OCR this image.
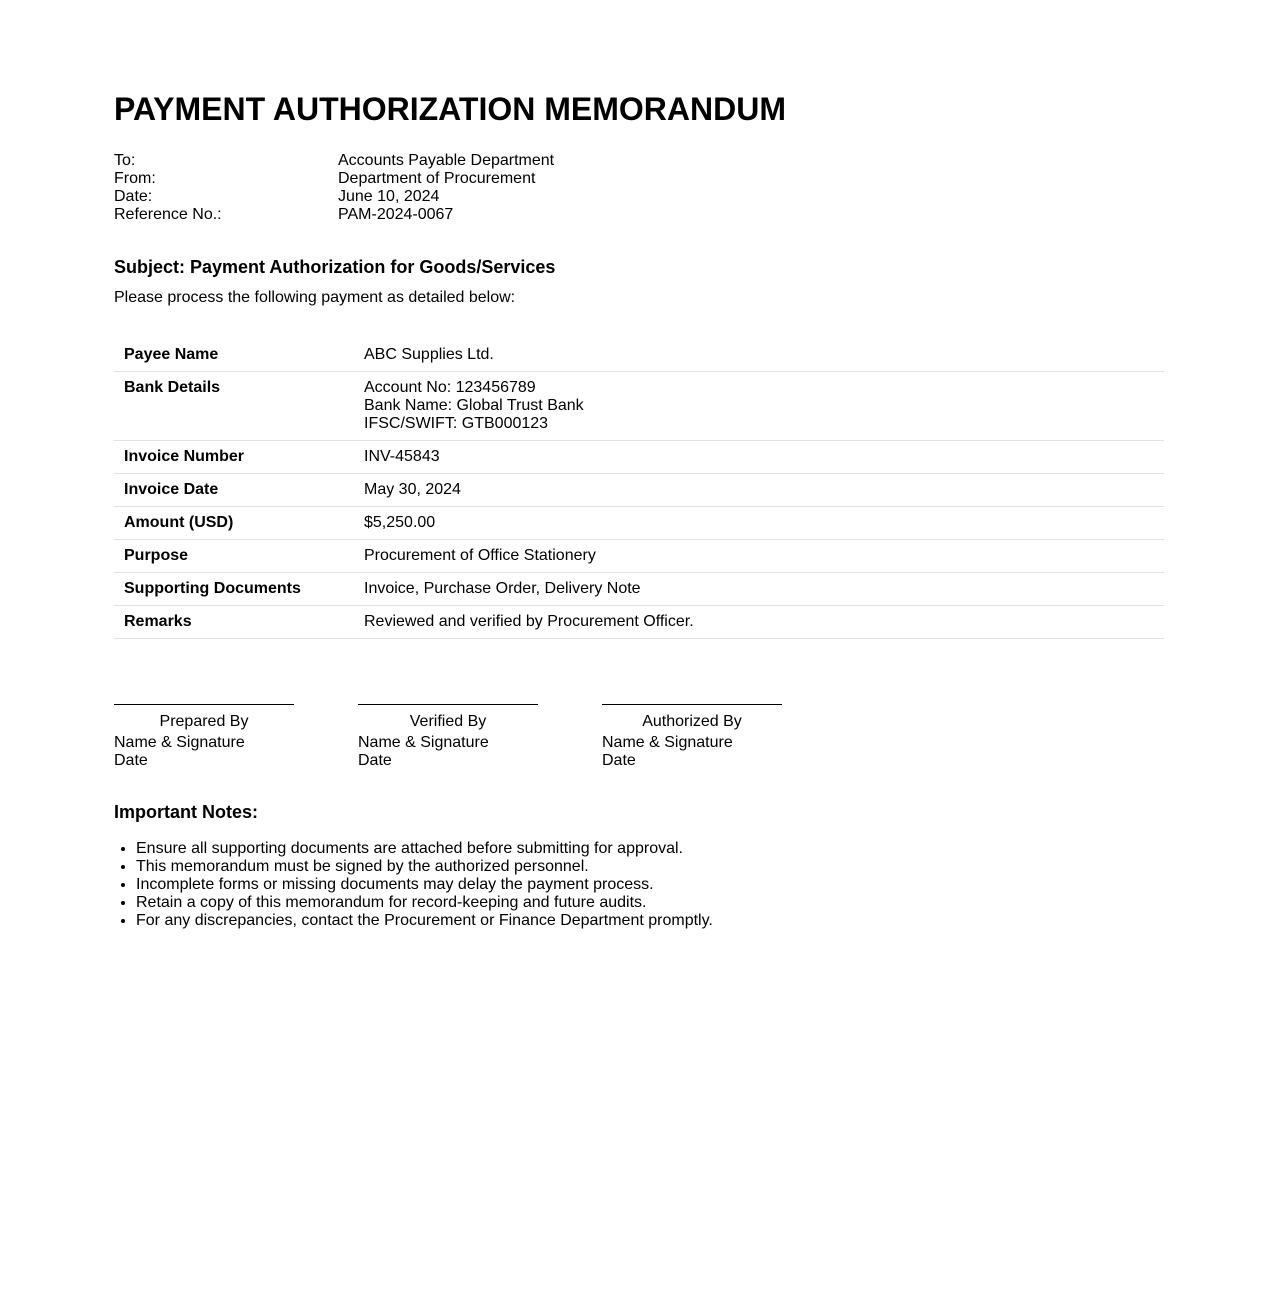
PAYMENT AUTHORIZATION MEMORANDUM
To:	Accounts Payable Department
From:	Department of Procurement
Date:	June 10, 2024
Reference No.:	PAM-2024-0067
Subject: Payment Authorization for Goods/Services

Please process the following payment as detailed below:

Payee Name	ABC Supplies Ltd.
Bank Details	Account No: 123456789
Bank Name: Global Trust Bank
IFSC/SWIFT: GTB000123

Invoice Number	INV-45843
Invoice Date	May 30, 2024
Amount (USD)	$5,250.00
Purpose	Procurement of Office Stationery
Supporting Documents	Invoice, Purchase Order, Delivery Note
Remarks	Reviewed and verified by Procurement Officer.
Prepared By
Name & Signature
Date
Verified By
Name & Signature
Date
Authorized By
Name & Signature
Date
Important Notes:
• Ensure all supporting documents are attached before submitting for approval.
• This memorandum must be signed by the authorized personnel.
• Incomplete forms or missing documents may delay the payment process.
• Retain a copy of this memorandum for record-keeping and future audits.
• For any discrepancies, contact the Procurement or Finance Department promptly.
